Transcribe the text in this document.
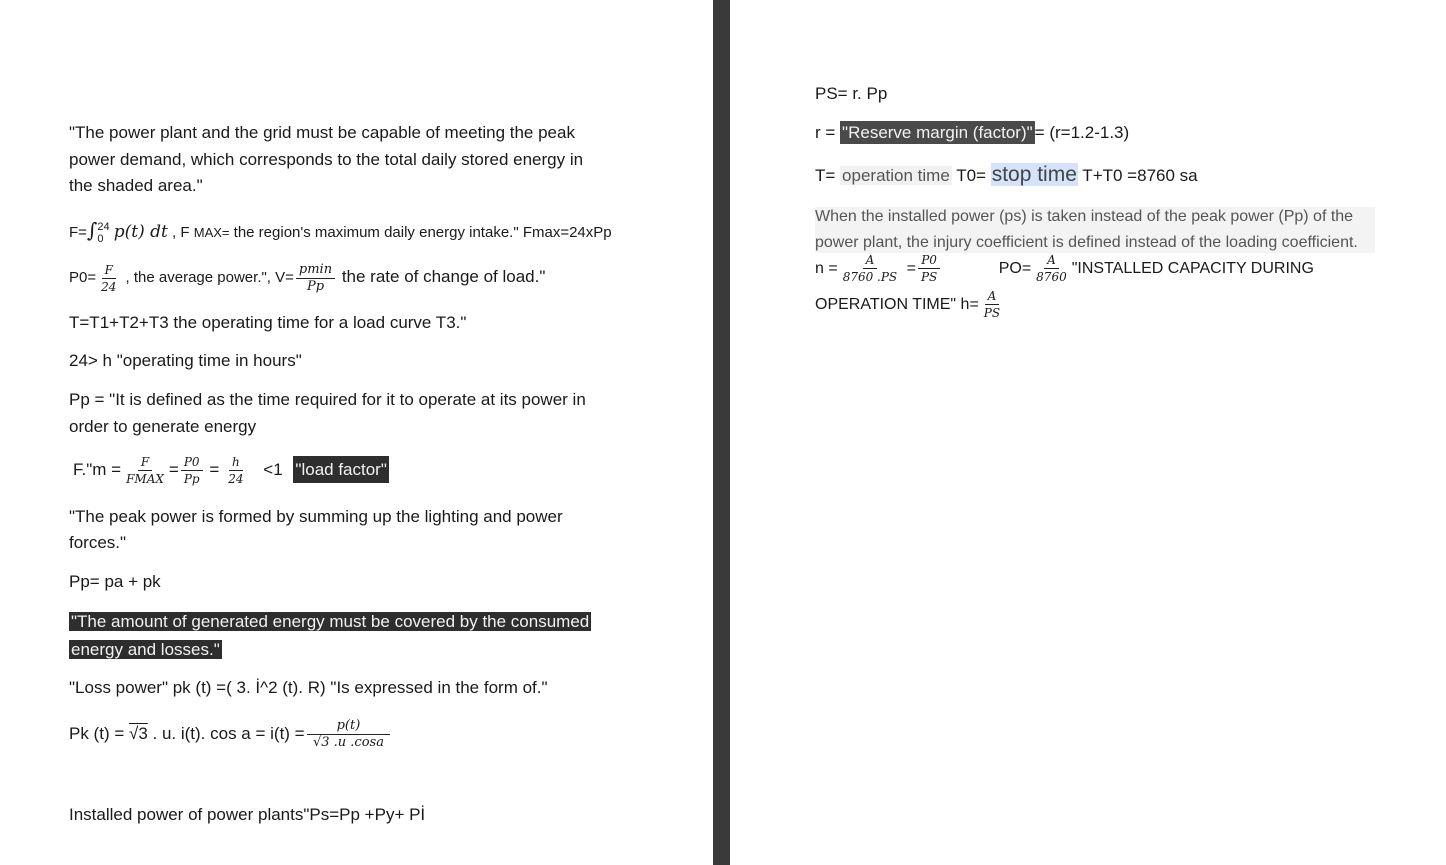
"The power plant and the grid must be capable of meeting the peak
power demand, which corresponds to the total daily stored energy in
the shaded area."
F=∫ 24
0 p(t) dt , F MAX= the region's maximum daily energy intake." Fmax=24xPp
$P0= \frac{F}{24}$ , the average power.", $V= \frac{pmin}{Pp}$ the rate of change of load."
T=T1+T2+T3 the operating time for a load curve T3."
24> h "operating time in hours"
Pp = "It is defined as the time required for it to operate at its power in
order to generate energy
F."m = $\frac{F}{\text{FMAX}} = \frac{P0}{Pp} = \frac{h}{24} <1$ "load factor"
"The peak power is formed by summing up the lighting and power
forces."
Pp= pa + pk
"The amount of generated energy must be covered by the consumed
energy and losses."
"Loss power" pk (t) =( 3. İ^2 (t). R) "Is expressed in the form of."
Pk (t) = √3 . u. i(t). $\cos a = i(t) = \frac{p(t)}{√3 .u .\cos a}$
Installed power of power plants"Ps=Pp +Py+ Pİ
PS= r. Pp
r = "Reserve margin (factor)" = (r=1.2-1.3)
T= operation time T0= stop time T+T0 =8760 sa
When the installed power (ps) is taken instead of the peak power (Pp) of the
power plant, the injury coefficient is defined instead of the loading coefficient.
$n = \frac{A}{8760 .PS} = \frac{P0}{PS}$	$PO= \frac{A}{8760}$ "INSTALLED CAPACITY DURING
OPERATION TIME" $h= \frac{A}{PS}$
